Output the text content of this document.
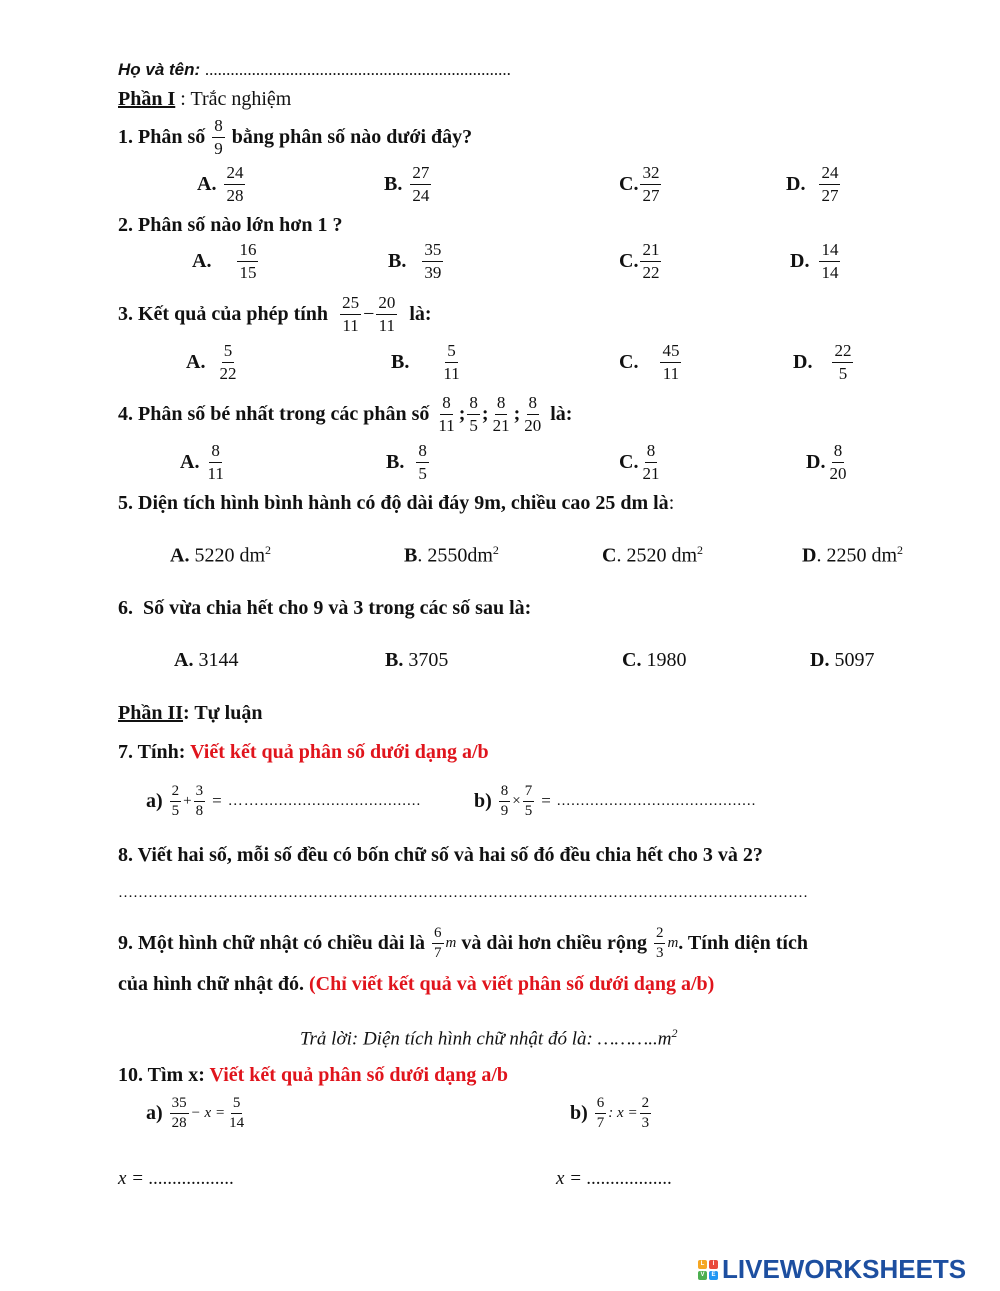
Họ và tên: ........................................................................
Phần I : Trắc nghiệm
1. Phân số
$\frac{8}{9}$
bằng phân số nào dưới đây?
A. $\frac{24}{28}$	B. $\frac{27}{24}$	C. $\frac{32}{27}$	D. $\frac{24}{27}$
2. Phân số nào lớn hơn 1 ?
A. $\frac{16}{15}$	B. $\frac{35}{39}$	C. $\frac{21}{22}$	D. $\frac{14}{14}$
3. Kết quả của phép tính
$\frac{25}{11} - \frac{20}{11}$
là:
A. $\frac{5}{22}$	B. $\frac{5}{11}$	C. $\frac{45}{11}$	D. $\frac{22}{5}$
4. Phân số bé nhất trong các phân số
$\frac{8}{11}$ ; $\frac{8}{5}$ ; $\frac{8}{21}$ ; $\frac{8}{20}$
là:
A. $\frac{8}{11}$	B. $\frac{8}{5}$	C. $\frac{8}{21}$	D. $\frac{8}{20}$
5. Diện tích hình bình hành có độ dài đáy 9m, chiều cao 25 dm là:
A. 5220 $dm^2$	B. $2550dm^2$	C. 2520 $dm^2$	D. 2250 $dm^2$
6.  Số vừa chia hết cho 9 và 3 trong các số sau là:
A. 3144	B. 3705	C. 1980	D. 5097
Phần II: Tự luận
7. Tính: Viết kết quả phân số dưới dạng a/b
a)
$\frac{2}{5} + \frac{3}{8}$
= ……..................................	b)
$\frac{8}{9} \times \frac{7}{5}$
= ..........................................
8. Viết hai số, mỗi số đều có bốn chữ số và hai số đó đều chia hết cho 3 và 2?
…………………………………………………………………………………………………………………………
9. Một hình chữ nhật có chiều dài là
$\frac{6}{7}$ m
và dài hơn chiều rộng
$\frac{2}{3}$ m . Tính diện tích
của hình chữ nhật đó. (Chỉ viết kết quả và viết phân số dưới dạng a/b)
Trả lời: Diện tích hình chữ nhật đó là: $\dots\dots\dots..m^2$
10. Tìm x: Viết kết quả phân số dưới dạng a/b
a)
$\frac{35}{28} - x = \frac{5}{14}$	b)
$\frac{6}{7}$ : $x = \frac{2}{3}$
x = ..................	x = ..................
L	I
V	E LIVEWORKSHEETS
